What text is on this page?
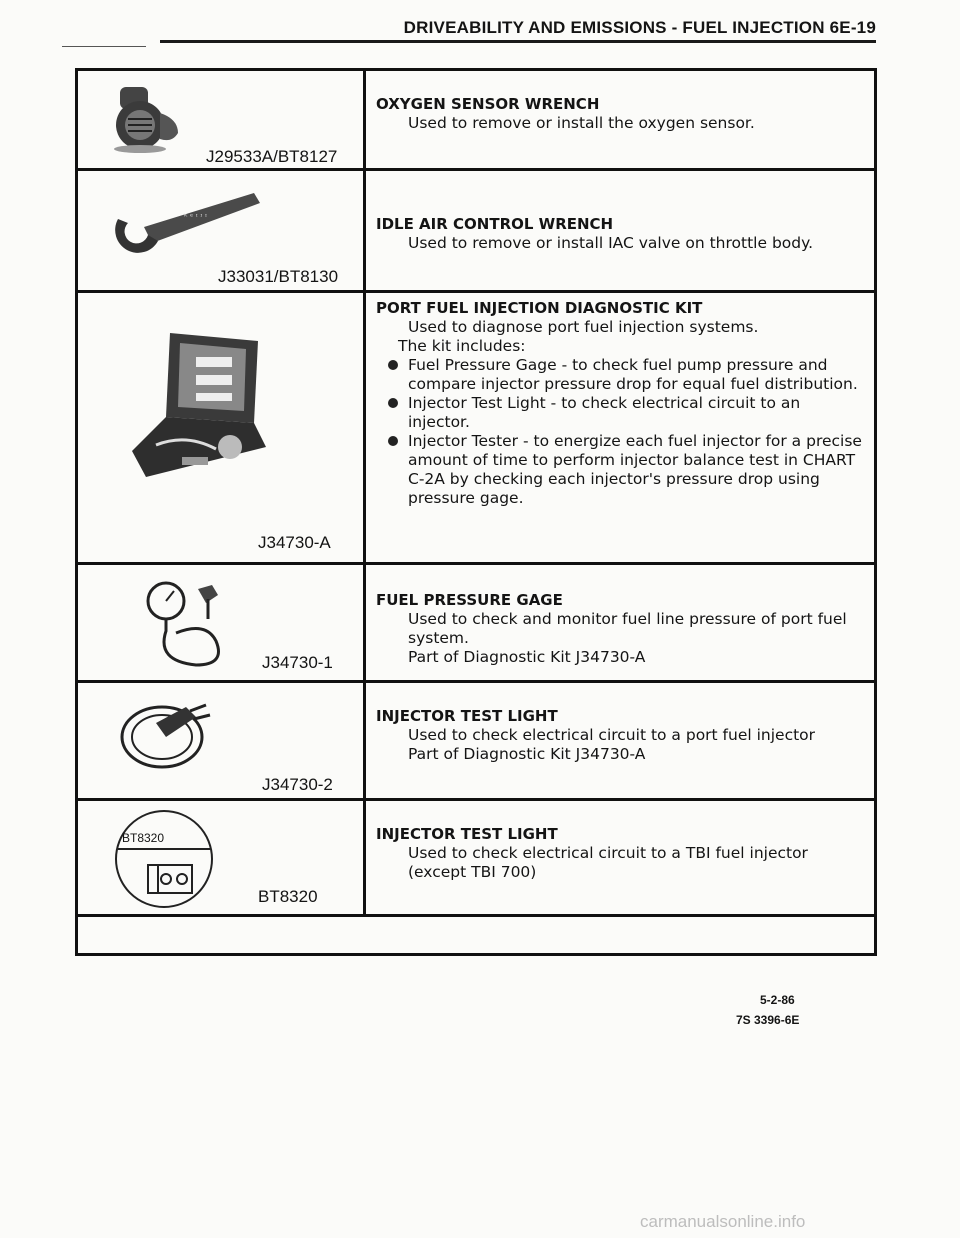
DRIVEABILITY AND EMISSIONS - FUEL INJECTION 6E-19
J29533A/BT8127
OXYGEN SENSOR WRENCH
Used to remove or install the oxygen sensor.
ᴷ ᵉ ᶦ ᶦ ᶦ
J33031/BT8130
IDLE AIR CONTROL WRENCH
Used to remove or install IAC valve on throttle body.
J34730-A
PORT FUEL INJECTION DIAGNOSTIC KIT
Used to diagnose port fuel injection systems.
The kit includes:
Fuel Pressure Gage - to check fuel pump pressure and compare injector pressure drop for equal fuel distribution.
Injector Test Light - to check electrical circuit to an injector.
Injector Tester - to energize each fuel injector for a precise amount of time to perform injector balance test in CHART C-2A by checking each injector's pressure drop using pressure gage.
J34730-1
FUEL PRESSURE GAGE
Used to check and monitor fuel line pressure of port fuel system.
Part of Diagnostic Kit J34730-A
J34730-2
INJECTOR TEST LIGHT
Used to check electrical circuit to a port fuel injector
Part of Diagnostic Kit J34730-A
BT8320
BT8320
INJECTOR TEST LIGHT
Used to check electrical circuit to a TBI fuel injector
(except TBI 700)
5-2-86
7S 3396-6E
carmanualsonline.info
